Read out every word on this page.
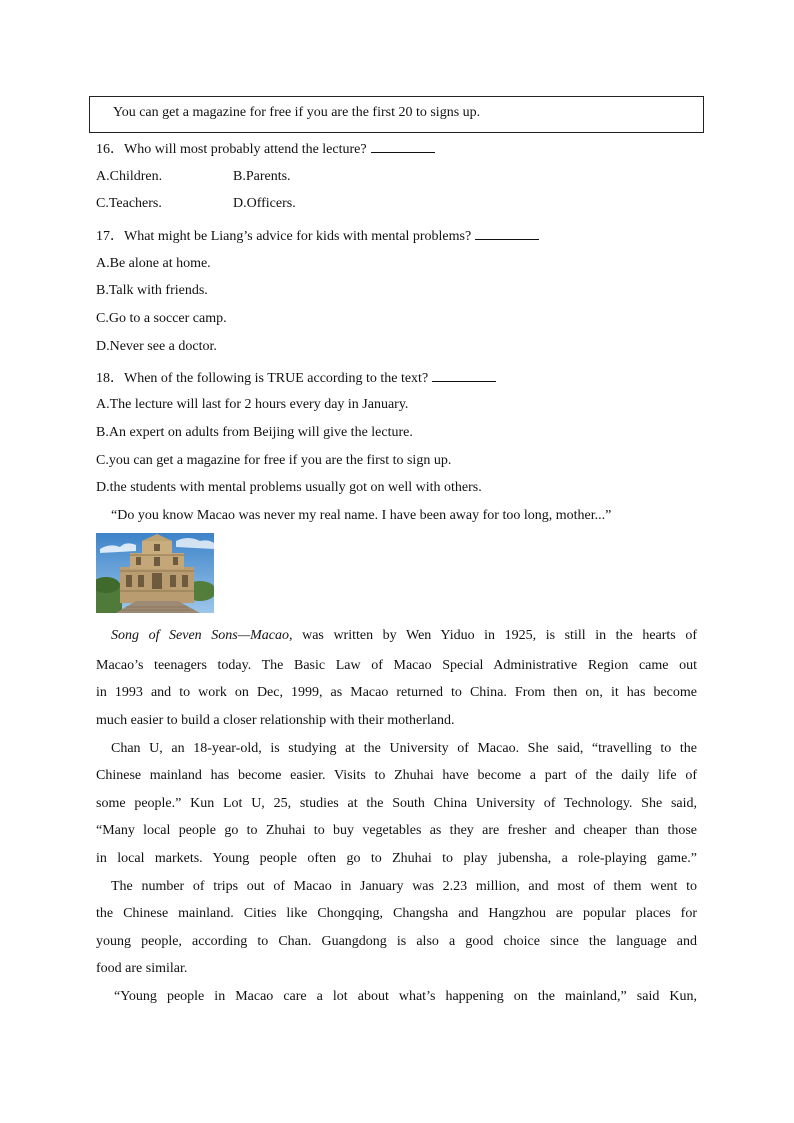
You can get a magazine for free if you are the first 20 to signs up.
16．Who will most probably attend the lecture?
A.Children.	B.Parents.
C.Teachers.	D.Officers.
17．What might be Liang’s advice for kids with mental problems?
A.Be alone at home.
B.Talk with friends.
C.Go to a soccer camp.
D.Never see a doctor.
18．When of the following is TRUE according to the text?
A.The lecture will last for 2 hours every day in January.
B.An expert on adults from Beijing will give the lecture.
C.you can get a magazine for free if you are the first to sign up.
D.the students with mental problems usually got on well with others.
“Do you know Macao was never my real name. I have been away for too long, mother...”
Song of Seven Sons—Macao, was written by Wen Yiduo in 1925, is still in the hearts of
Macao’s teenagers today. The Basic Law of Macao Special Administrative Region came out
in 1993 and to work on Dec, 1999, as Macao returned to China. From then on, it has become
much easier to build a closer relationship with their motherland.
Chan U, an 18-year-old, is studying at the University of Macao. She said, “travelling to the
Chinese mainland has become easier. Visits to Zhuhai have become a part of the daily life of
some people.” Kun Lot U, 25, studies at the South China University of Technology. She said,
“Many local people go to Zhuhai to buy vegetables as they are fresher and cheaper than those
in local markets. Young people often go to Zhuhai to play jubensha, a role-playing game.”
The number of trips out of Macao in January was 2.23 million, and most of them went to
the Chinese mainland. Cities like Chongqing, Changsha and Hangzhou are popular places for
young people, according to Chan. Guangdong is also a good choice since the language and
food are similar.
“Young people in Macao care a lot about what’s happening on the mainland,” said Kun,
